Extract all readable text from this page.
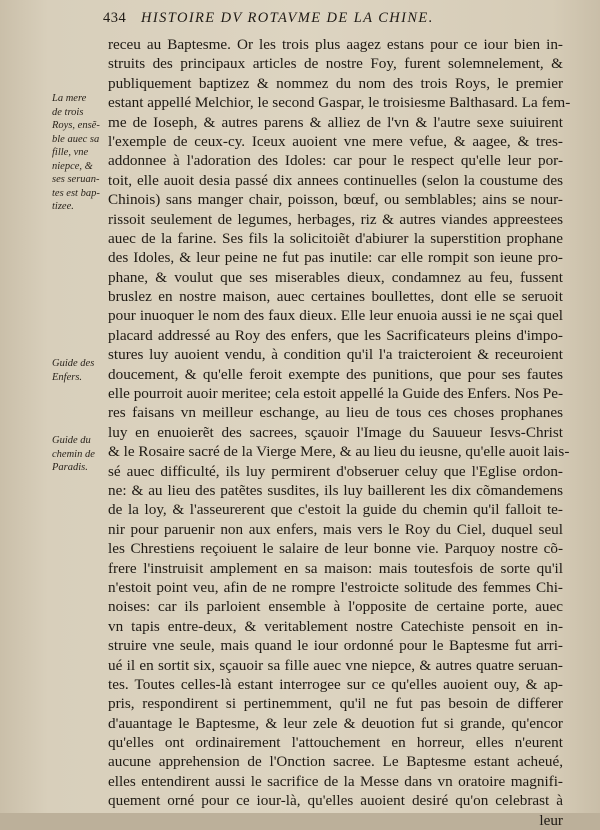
434 HISTOIRE DV ROTAVME DE LA CHINE.
receu au Baptesme. Or les trois plus aagez estans pour ce iour bien in-
struits des principaux articles de nostre Foy, furent solemnelement, &
publiquement baptizez & nommez du nom des trois Roys, le premier
estant appellé Melchior, le second Gaspar, le troisiesme Balthasard. La fem-
me de Ioseph, & autres parens & alliez de l'vn & l'autre sexe suiuirent
l'exemple de ceux-cy. Iceux auoient vne mere vefue, & aagee, & tres-
addonnee à l'adoration des Idoles: car pour le respect qu'elle leur por-
toit, elle auoit desia passé dix annees continuelles (selon la coustume des
Chinois) sans manger chair, poisson, bœuf, ou semblables; ains se nour-
rissoit seulement de legumes, herbages, riz & autres viandes appreestees
auec de la farine. Ses fils la solicitoiẽt d'abiurer la superstition prophane
des Idoles, & leur peine ne fut pas inutile: car elle rompit son ieune pro-
phane, & voulut que ses miserables dieux, condamnez au feu, fussent
bruslez en nostre maison, auec certaines boullettes, dont elle se seruoit
pour inuoquer le nom des faux dieux. Elle leur enuoia aussi ie ne sçai quel
placard addressé au Roy des enfers, que les Sacrificateurs pleins d'impo-
stures luy auoient vendu, à condition qu'il l'a traicteroient & receuroient
doucement, & qu'elle feroit exempte des punitions, que pour ses fautes
elle pourroit auoir meritee; cela estoit appellé la Guide des Enfers. Nos Pe-
res faisans vn meilleur eschange, au lieu de tous ces choses prophanes
luy en enuoierẽt des sacrees, sçauoir l'Image du Sauueur Iesvs-Christ
& le Rosaire sacré de la Vierge Mere, & au lieu du ieusne, qu'elle auoit lais-
sé auec difficulté, ils luy permirent d'obseruer celuy que l'Eglise ordon-
ne: & au lieu des patẽtes susdites, ils luy baillerent les dix cõmandemens
de la loy, & l'asseurerent que c'estoit la guide du chemin qu'il falloit te-
nir pour paruenir non aux enfers, mais vers le Roy du Ciel, duquel seul
les Chrestiens reçoiuent le salaire de leur bonne vie. Parquoy nostre cõ-
frere l'instruisit amplement en sa maison: mais toutesfois de sorte qu'il
n'estoit point veu, afin de ne rompre l'estroicte solitude des femmes Chi-
noises: car ils parloient ensemble à l'opposite de certaine porte, auec
vn tapis entre-deux, & veritablement nostre Catechiste pensoit en in-
struire vne seule, mais quand le iour ordonné pour le Baptesme fut arri-
ué il en sortit six, sçauoir sa fille auec vne niepce, & autres quatre seruan-
tes. Toutes celles-là estant interrogee sur ce qu'elles auoient ouy, & ap-
pris, respondirent si pertinemment, qu'il ne fut pas besoin de differer
d'auantage le Baptesme, & leur zele & deuotion fut si grande, qu'encor
qu'elles ont ordinairement l'attouchement en horreur, elles n'eurent
aucune apprehension de l'Onction sacree. Le Baptesme estant acheué,
elles entendirent aussi le sacrifice de la Messe dans vn oratoire magnifi-
quement orné pour ce iour-là, qu'elles auoient desiré qu'on celebrast à
leur
La mere
de trois
Roys, ensẽ-
ble auec sa
fille, vne
niepce, &
ses seruan-
tes est bap-
tizee.
Guide des
Enfers.
Guide du
chemin de
Paradis.
